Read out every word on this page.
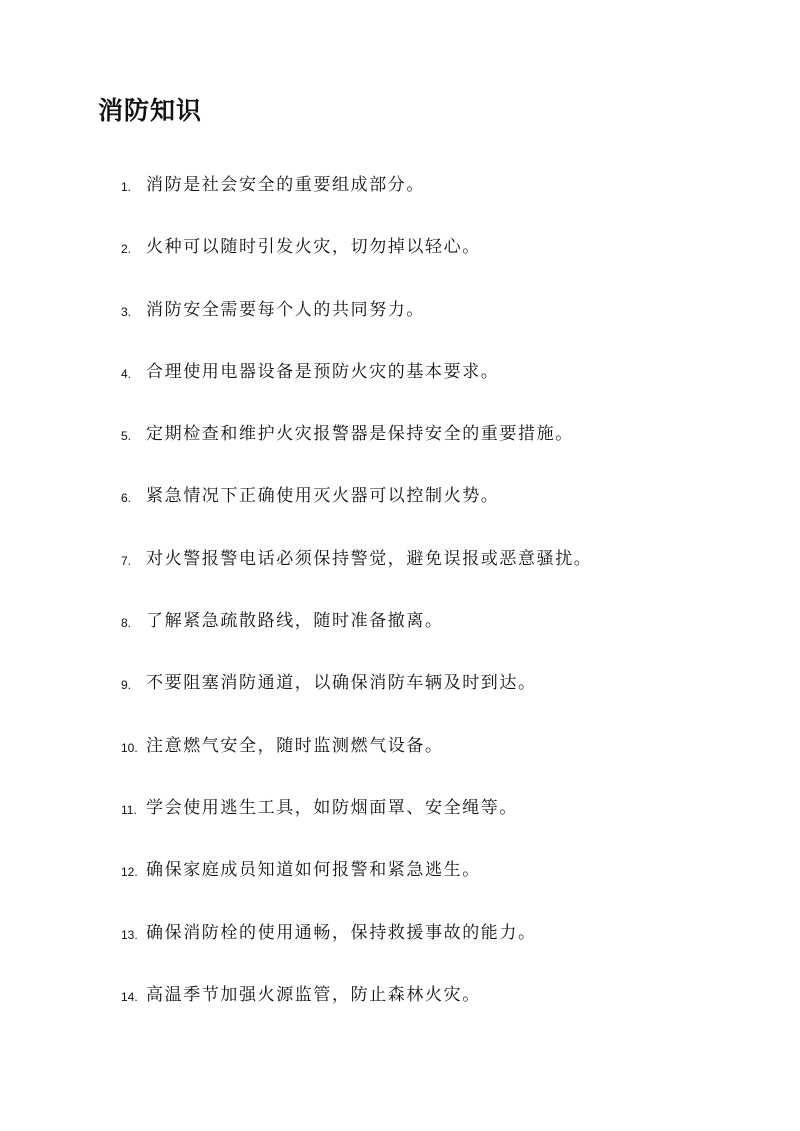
消防知识
1. 消防是社会安全的重要组成部分。
2. 火种可以随时引发火灾，切勿掉以轻心。
3. 消防安全需要每个人的共同努力。
4. 合理使用电器设备是预防火灾的基本要求。
5. 定期检查和维护火灾报警器是保持安全的重要措施。
6. 紧急情况下正确使用灭火器可以控制火势。
7. 对火警报警电话必须保持警觉，避免误报或恶意骚扰。
8. 了解紧急疏散路线，随时准备撤离。
9. 不要阻塞消防通道，以确保消防车辆及时到达。
10. 注意燃气安全，随时监测燃气设备。
11. 学会使用逃生工具，如防烟面罩、安全绳等。
12. 确保家庭成员知道如何报警和紧急逃生。
13. 确保消防栓的使用通畅，保持救援事故的能力。
14. 高温季节加强火源监管，防止森林火灾。
